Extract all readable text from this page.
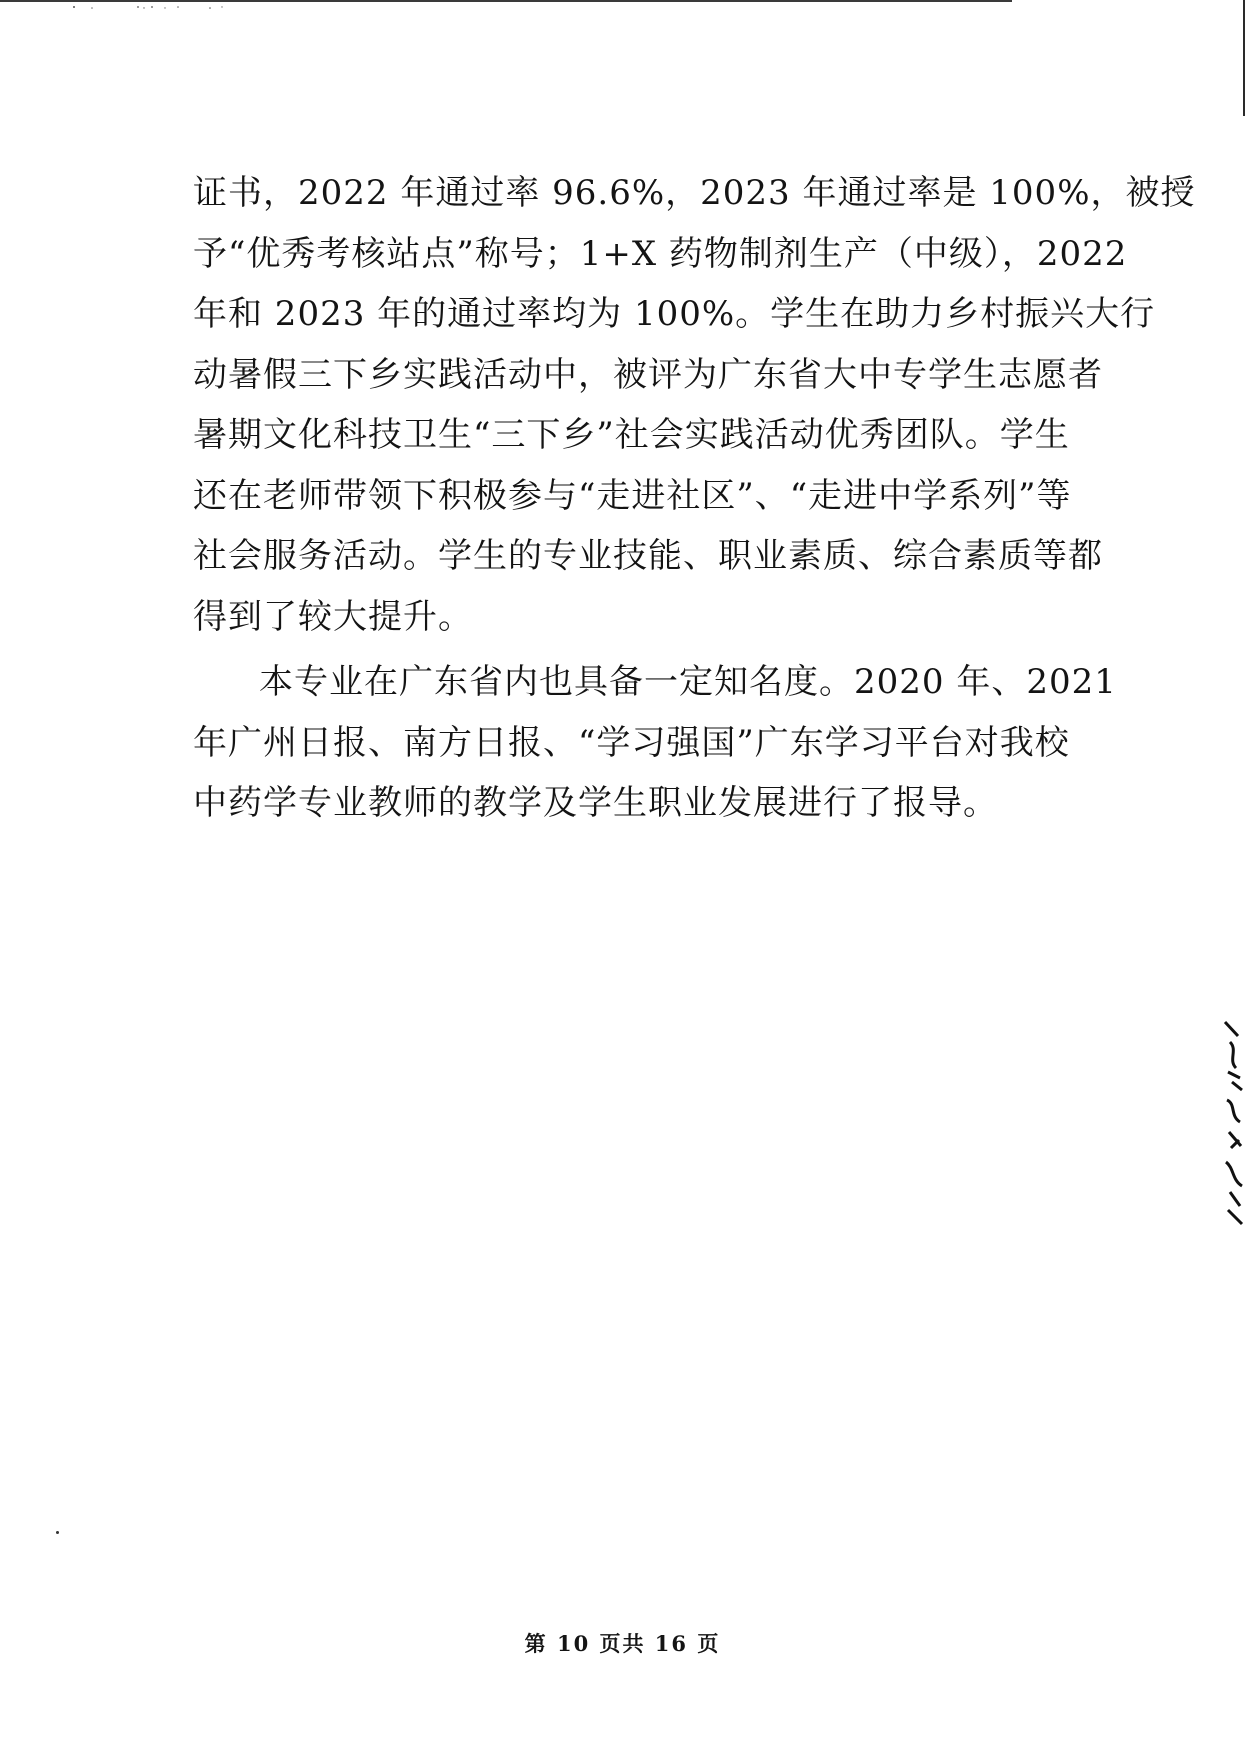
证书，2022 年通过率 96.6%，2023 年通过率是 100%，被授
予“优秀考核站点”称号；1+X 药物制剂生产（中级），2022
年和 2023 年的通过率均为 100%。学生在助力乡村振兴大行
动暑假三下乡实践活动中，被评为广东省大中专学生志愿者
暑期文化科技卫生“三下乡”社会实践活动优秀团队。学生
还在老师带领下积极参与“走进社区”、“走进中学系列”等
社会服务活动。学生的专业技能、职业素质、综合素质等都
得到了较大提升。
本专业在广东省内也具备一定知名度。2020 年、2021
年广州日报、南方日报、“学习强国”广东学习平台对我校
中药学专业教师的教学及学生职业发展进行了报导。
第 10 页共 16 页
